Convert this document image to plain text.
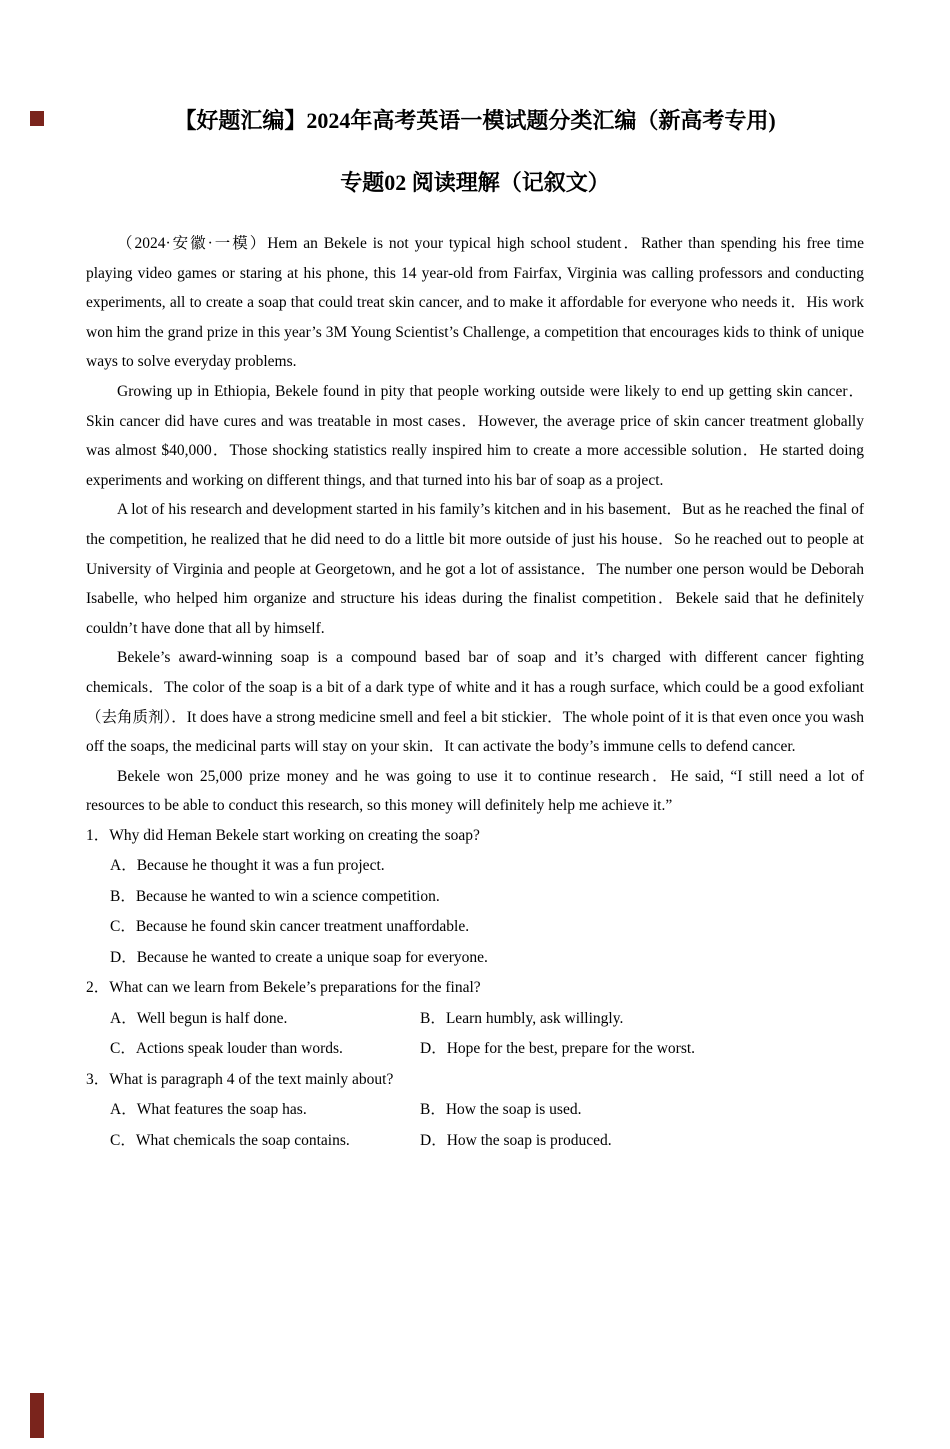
【好题汇编】2024年高考英语一模试题分类汇编（新高考专用)
专题02 阅读理解（记叙文）

（2024·安徽·一模）Hem an Bekele is not your typical high school student．Rather than spending his free time playing video games or staring at his phone, this 14 year-old from Fairfax, Virginia was calling professors and conducting experiments, all to create a soap that could treat skin cancer, and to make it affordable for everyone who needs it．His work won him the grand prize in this year’s 3M Young Scientist’s Challenge, a competition that encourages kids to think of unique ways to solve everyday problems.

Growing up in Ethiopia, Bekele found in pity that people working outside were likely to end up getting skin cancer．Skin cancer did have cures and was treatable in most cases．However, the average price of skin cancer treatment globally was almost $40,000．Those shocking statistics really inspired him to create a more accessible solution．He started doing experiments and working on different things, and that turned into his bar of soap as a project.

A lot of his research and development started in his family’s kitchen and in his basement．But as he reached the final of the competition, he realized that he did need to do a little bit more outside of just his house．So he reached out to people at University of Virginia and people at Georgetown, and he got a lot of assistance．The number one person would be Deborah Isabelle, who helped him organize and structure his ideas during the finalist competition．Bekele said that he definitely couldn’t have done that all by himself.

Bekele’s award-winning soap is a compound based bar of soap and it’s charged with different cancer fighting chemicals．The color of the soap is a bit of a dark type of white and it has a rough surface, which could be a good exfoliant（去角质剂）．It does have a strong medicine smell and feel a bit stickier．The whole point of it is that even once you wash off the soaps, the medicinal parts will stay on your skin．It can activate the body’s immune cells to defend cancer.

Bekele won 25,000 prize money and he was going to use it to continue research．He said, “I still need a lot of resources to be able to conduct this research, so this money will definitely help me achieve it.”

1．Why did Heman Bekele start working on creating the soap?

A．Because he thought it was a fun project.
B．Because he wanted to win a science competition.
C．Because he found skin cancer treatment unaffordable.
D．Because he wanted to create a unique soap for everyone.

2．What can we learn from Bekele’s preparations for the final?

A．Well begun is half done.	B．Learn humbly, ask willingly.
C．Actions speak louder than words.	D．Hope for the best, prepare for the worst.

3．What is paragraph 4 of the text mainly about?

A．What features the soap has.	B．How the soap is used.
C．What chemicals the soap contains.	D．How the soap is produced.
